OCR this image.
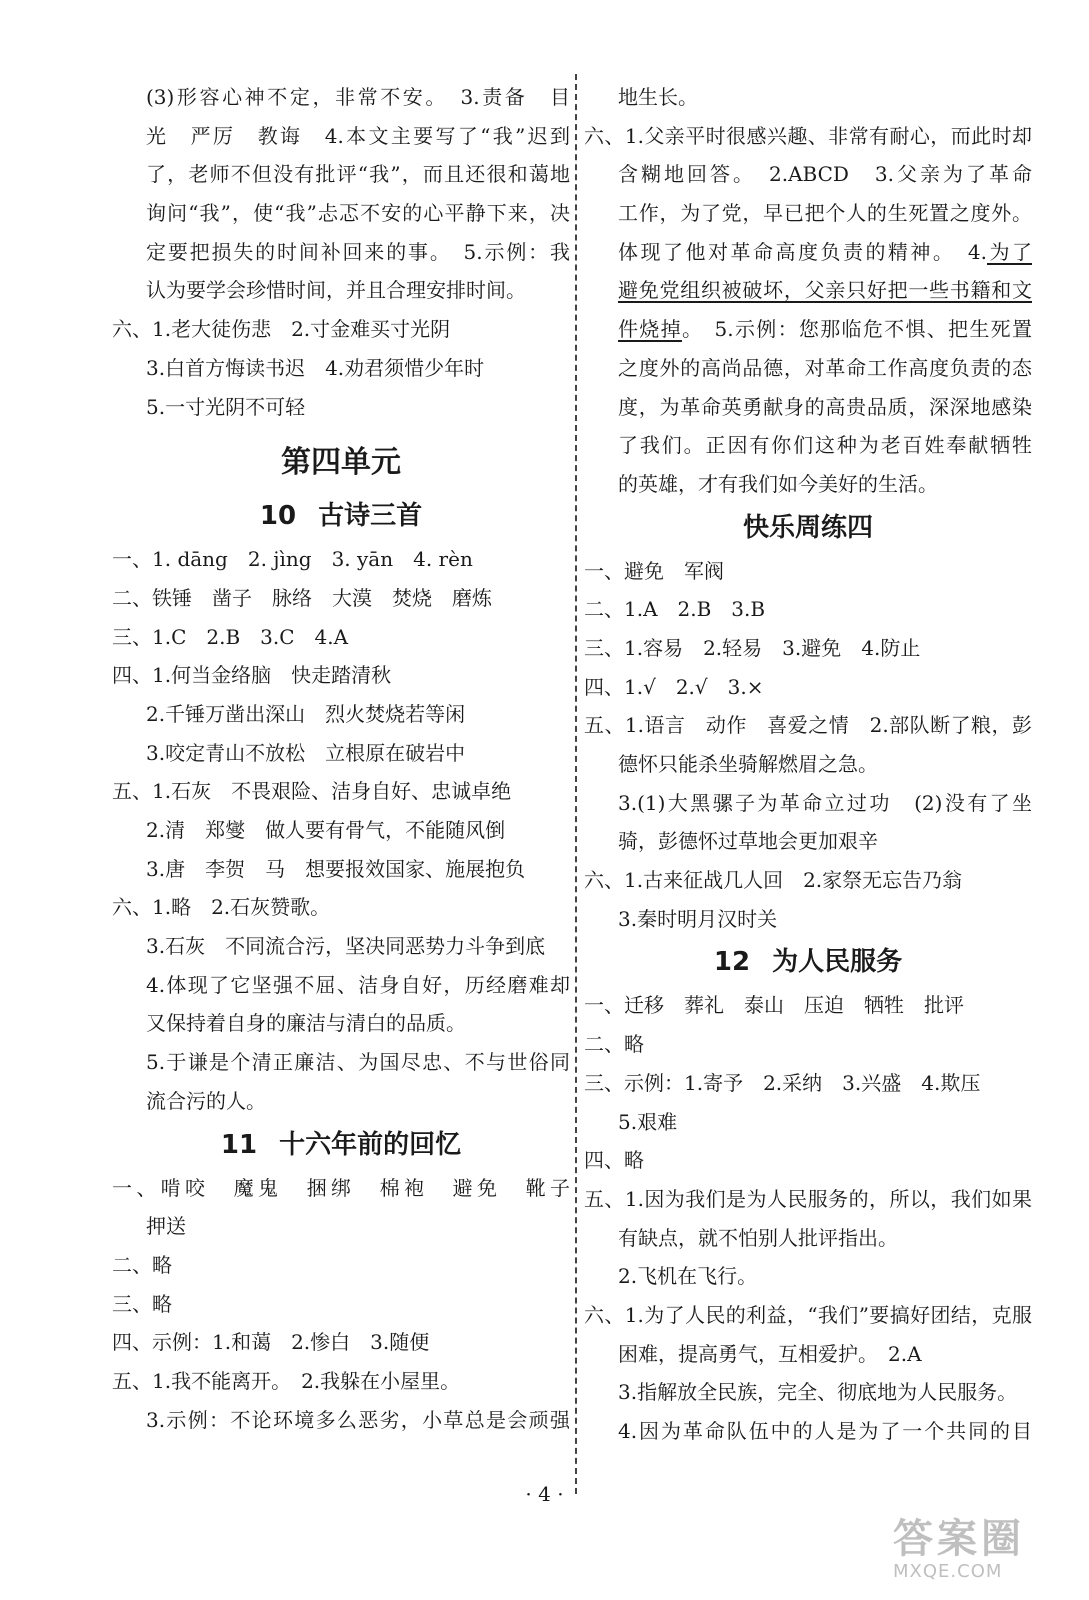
(3)形容心神不定，非常不安。　3.责备　目
光　严厉　教诲　4.本文主要写了“我”迟到
了，老师不但没有批评“我”，而且还很和蔼地
询问“我”，使“我”忐忑不安的心平静下来，决
定要把损失的时间补回来的事。　5.示例：我
认为要学会珍惜时间，并且合理安排时间。
六、1.老大徒伤悲　2.寸金难买寸光阴
3.白首方悔读书迟　4.劝君须惜少年时
5.一寸光阴不可轻
第四单元
10 古诗三首
一、1. dāng　2. jìng　3. yān　4. rèn
二、铁锤　凿子　脉络　大漠　焚烧　磨炼
三、1.C　2.B　3.C　4.A
四、1.何当金络脑　快走踏清秋
2.千锤万凿出深山　烈火焚烧若等闲
3.咬定青山不放松　立根原在破岩中
五、1.石灰　不畏艰险、洁身自好、忠诚卓绝
2.清　郑燮　做人要有骨气，不能随风倒
3.唐　李贺　马　想要报效国家、施展抱负
六、1.略　2.石灰赞歌。
3.石灰　不同流合污，坚决同恶势力斗争到底
4.体现了它坚强不屈、洁身自好，历经磨难却
又保持着自身的廉洁与清白的品质。
5.于谦是个清正廉洁、为国尽忠、不与世俗同
流合污的人。
11 十六年前的回忆
一、啃咬　魔鬼　捆绑　棉袍　避免　靴子
押送
二、略
三、略
四、示例：1.和蔼　2.惨白　3.随便
五、1.我不能离开。　2.我躲在小屋里。
3.示例：不论环境多么恶劣，小草总是会顽强
地生长。
六、1.父亲平时很感兴趣、非常有耐心，而此时却
含糊地回答。　2.ABCD　3.父亲为了革命
工作，为了党，早已把个人的生死置之度外。
体现了他对革命高度负责的精神。　4.为了
避免党组织被破坏，父亲只好把一些书籍和文
件烧掉。　5.示例：您那临危不惧、把生死置
之度外的高尚品德，对革命工作高度负责的态
度，为革命英勇献身的高贵品质，深深地感染
了我们。正因有你们这种为老百姓奉献牺牲
的英雄，才有我们如今美好的生活。
快乐周练四
一、避免　军阀
二、1.A　2.B　3.B
三、1.容易　2.轻易　3.避免　4.防止
四、1.√　2.√　3.×
五、1.语言　动作　喜爱之情　2.部队断了粮，彭
德怀只能杀坐骑解燃眉之急。
3.(1)大黑骡子为革命立过功　(2)没有了坐
骑，彭德怀过草地会更加艰辛
六、1.古来征战几人回　2.家祭无忘告乃翁
3.秦时明月汉时关
12 为人民服务
一、迁移　葬礼　泰山　压迫　牺牲　批评
二、略
三、示例：1.寄予　2.采纳　3.兴盛　4.欺压
5.艰难
四、略
五、1.因为我们是为人民服务的，所以，我们如果
有缺点，就不怕别人批评指出。
2.飞机在飞行。
六、1.为了人民的利益，“我们”要搞好团结，克服
困难，提高勇气，互相爱护。　2.A
3.指解放全民族，完全、彻底地为人民服务。
4.因为革命队伍中的人是为了一个共同的目
· 4 ·
答案圈
MXQE.COM
